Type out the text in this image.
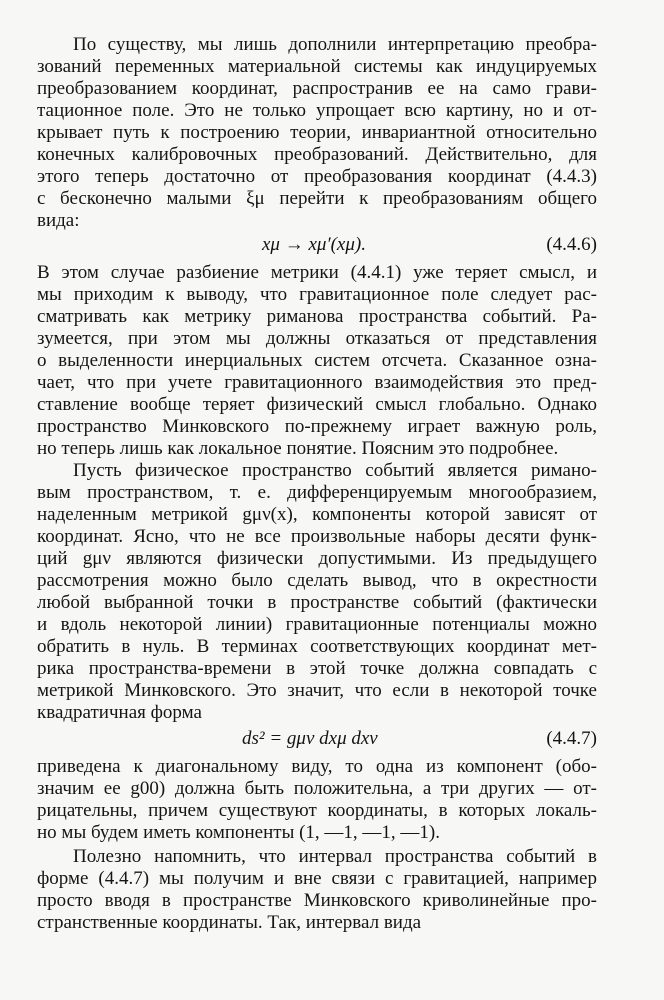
По существу, мы лишь дополнили интерпретацию преобра-
зований переменных материальной системы как индуцируемых
преобразованием координат, распространив ее на само грави-
тационное поле. Это не только упрощает всю картину, но и от-
крывает путь к построению теории, инвариантной относительно
конечных калибровочных преобразований. Действительно, для
этого теперь достаточно от преобразования координат (4.4.3)
с бесконечно малыми ξμ перейти к преобразованиям общего
вида:
xμ → xμ′(xμ).	(4.4.6)
В этом случае разбиение метрики (4.4.1) уже теряет смысл, и
мы приходим к выводу, что гравитационное поле следует рас-
сматривать как метрику риманова пространства событий. Ра-
зумеется, при этом мы должны отказаться от представления
о выделенности инерциальных систем отсчета. Сказанное озна-
чает, что при учете гравитационного взаимодействия это пред-
ставление вообще теряет физический смысл глобально. Однако
пространство Минковского по-прежнему играет важную роль,
но теперь лишь как локальное понятие. Поясним это подробнее.
Пусть физическое пространство событий является римано-
вым пространством, т. е. дифференцируемым многообразием,
наделенным метрикой gμν(x), компоненты которой зависят от
координат. Ясно, что не все произвольные наборы десяти функ-
ций gμν являются физически допустимыми. Из предыдущего
рассмотрения можно было сделать вывод, что в окрестности
любой выбранной точки в пространстве событий (фактически
и вдоль некоторой линии) гравитационные потенциалы можно
обратить в нуль. В терминах соответствующих координат мет-
рика пространства-времени в этой точке должна совпадать с
метрикой Минковского. Это значит, что если в некоторой точке
квадратичная форма
ds² = gμν dxμ dxν	(4.4.7)
приведена к диагональному виду, то одна из компонент (обо-
значим ее g00) должна быть положительна, а три других — от-
рицательны, причем существуют координаты, в которых локаль-
но мы будем иметь компоненты (1, —1, —1, —1).
Полезно напомнить, что интервал пространства событий в
форме (4.4.7) мы получим и вне связи с гравитацией, например
просто вводя в пространстве Минковского криволинейные про-
странственные координаты. Так, интервал вида
